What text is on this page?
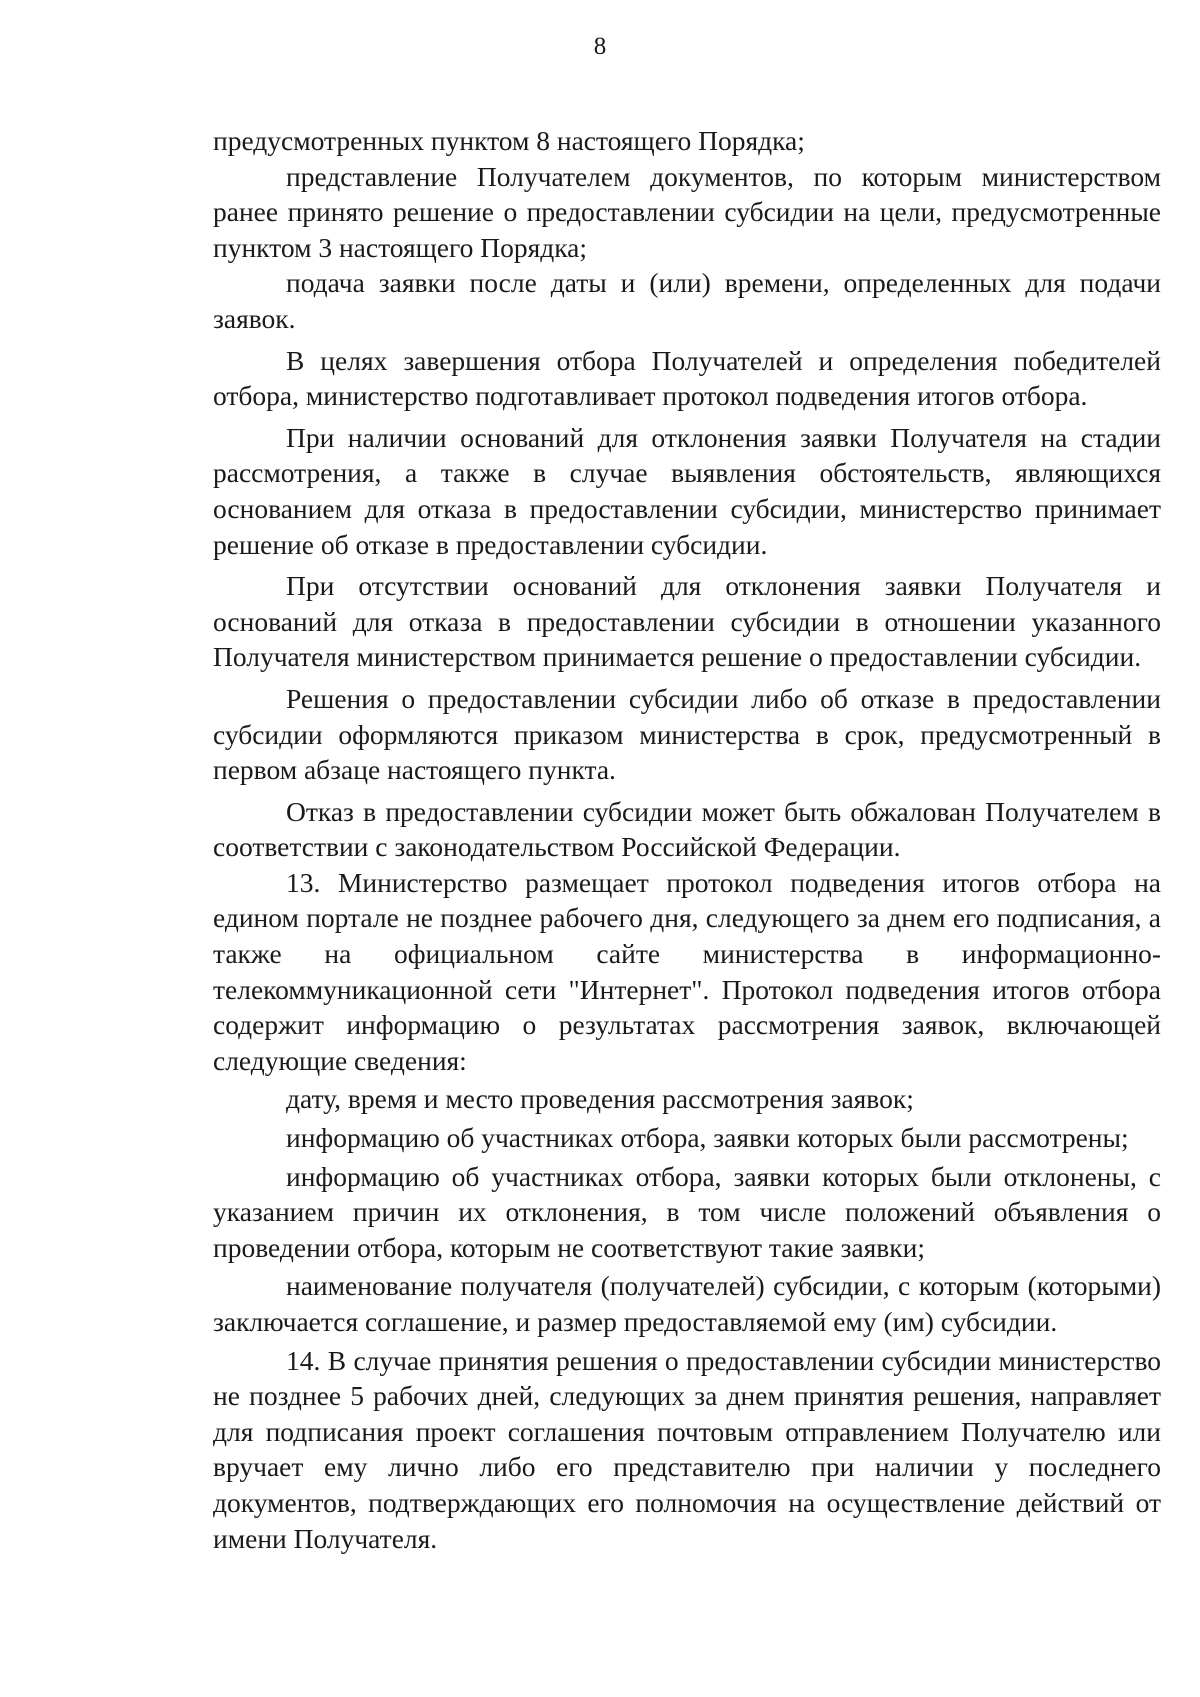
8

предусмотренных пунктом 8 настоящего Порядка;

представление Получателем документов, по которым министерством ранее принято решение о предоставлении субсидии на цели, предусмотренные пунктом 3 настоящего Порядка;

подача заявки после даты и (или) времени, определенных для подачи заявок.

В целях завершения отбора Получателей и определения победителей отбора, министерство подготавливает протокол подведения итогов отбора.

При наличии оснований для отклонения заявки Получателя на стадии рассмотрения, а также в случае выявления обстоятельств, являющихся основанием для отказа в предоставлении субсидии, министерство принимает решение об отказе в предоставлении субсидии.

При отсутствии оснований для отклонения заявки Получателя и оснований для отказа в предоставлении субсидии в отношении указанного Получателя министерством принимается решение о предоставлении субсидии.

Решения о предоставлении субсидии либо об отказе в предоставлении субсидии оформляются приказом министерства в срок, предусмотренный в первом абзаце настоящего пункта.

Отказ в предоставлении субсидии может быть обжалован Получателем в соответствии с законодательством Российской Федерации.

13. Министерство размещает протокол подведения итогов отбора на едином портале не позднее рабочего дня, следующего за днем его подписания, а также на официальном сайте министерства в информационно-телекоммуникационной сети "Интернет". Протокол подведения итогов отбора содержит информацию о результатах рассмотрения заявок, включающей следующие сведения:

дату, время и место проведения рассмотрения заявок;

информацию об участниках отбора, заявки которых были рассмотрены;

информацию об участниках отбора, заявки которых были отклонены, с указанием причин их отклонения, в том числе положений объявления о проведении отбора, которым не соответствуют такие заявки;

наименование получателя (получателей) субсидии, с которым (которыми) заключается соглашение, и размер предоставляемой ему (им) субсидии.

14. В случае принятия решения о предоставлении субсидии министерство не позднее 5 рабочих дней, следующих за днем принятия решения, направляет для подписания проект соглашения почтовым отправлением Получателю или вручает ему лично либо его представителю при наличии у последнего документов, подтверждающих его полномочия на осуществление действий от имени Получателя.
